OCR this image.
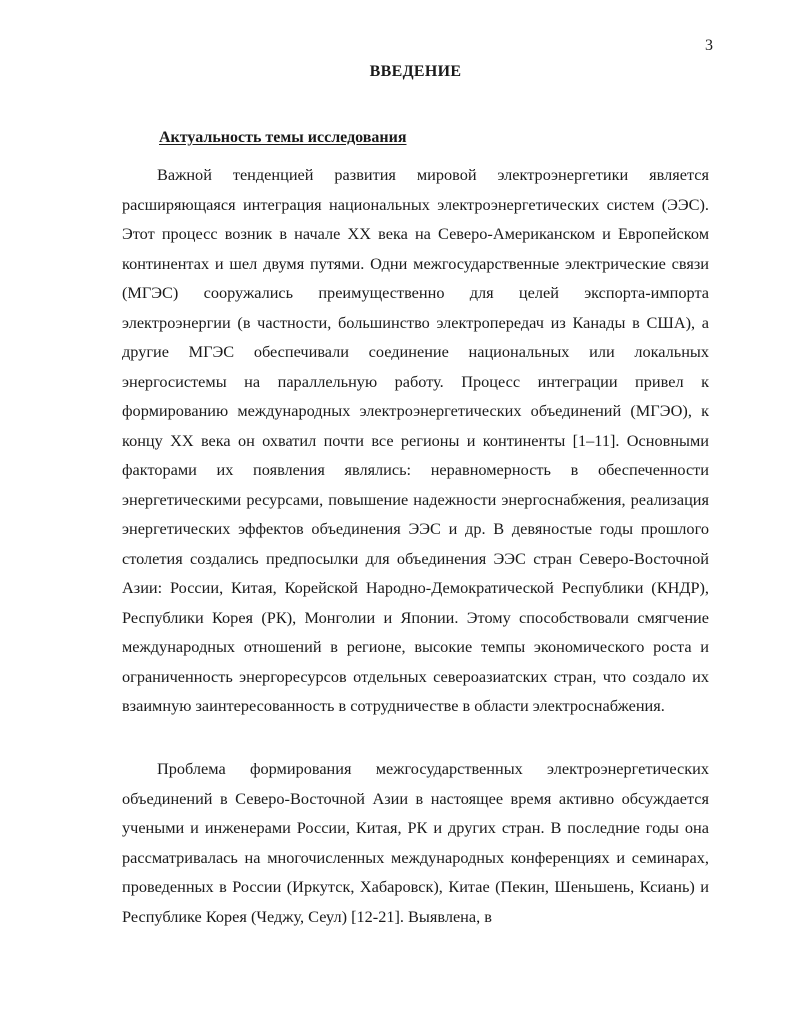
3
ВВЕДЕНИЕ
Актуальность темы исследования

Важной тенденцией развития мировой электроэнергетики является расширяющаяся интеграция национальных электроэнергетических систем (ЭЭС). Этот процесс возник в начале XX века на Северо-Американском и Европейском континентах и шел двумя путями. Одни межгосударственные электрические связи (МГЭС) сооружались преимущественно для целей экспорта-импорта электроэнергии (в частности, большинство электропередач из Канады в США), а другие МГЭС обеспечивали соединение национальных или локальных энергосистемы на параллельную работу. Процесс интеграции привел к формированию международных электроэнергетических объединений (МГЭО), к концу XX века он охватил почти все регионы и континенты [1–11]. Основными факторами их появления являлись: неравномерность в обеспеченности энергетическими ресурсами, повышение надежности энергоснабжения, реализация энергетических эффектов объединения ЭЭС и др. В девяностые годы прошлого столетия создались предпосылки для объединения ЭЭС стран Северо-Восточной Азии: России, Китая, Корейской Народно-Демократической Республики (КНДР), Республики Корея (РК), Монголии и Японии. Этому способствовали смягчение международных отношений в регионе, высокие темпы экономического роста и ограниченность энергоресурсов отдельных североазиатских стран, что создало их взаимную заинтересованность в сотрудничестве в области электроснабжения.

Проблема формирования межгосударственных электроэнергетических объединений в Северо-Восточной Азии в настоящее время активно обсуждается учеными и инженерами России, Китая, РК и других стран. В последние годы она рассматривалась на многочисленных международных конференциях и семинарах, проведенных в России (Иркутск, Хабаровск), Китае (Пекин, Шеньшень, Ксиань) и Республике Корея (Чеджу, Сеул) [12-21]. Выявлена, в
